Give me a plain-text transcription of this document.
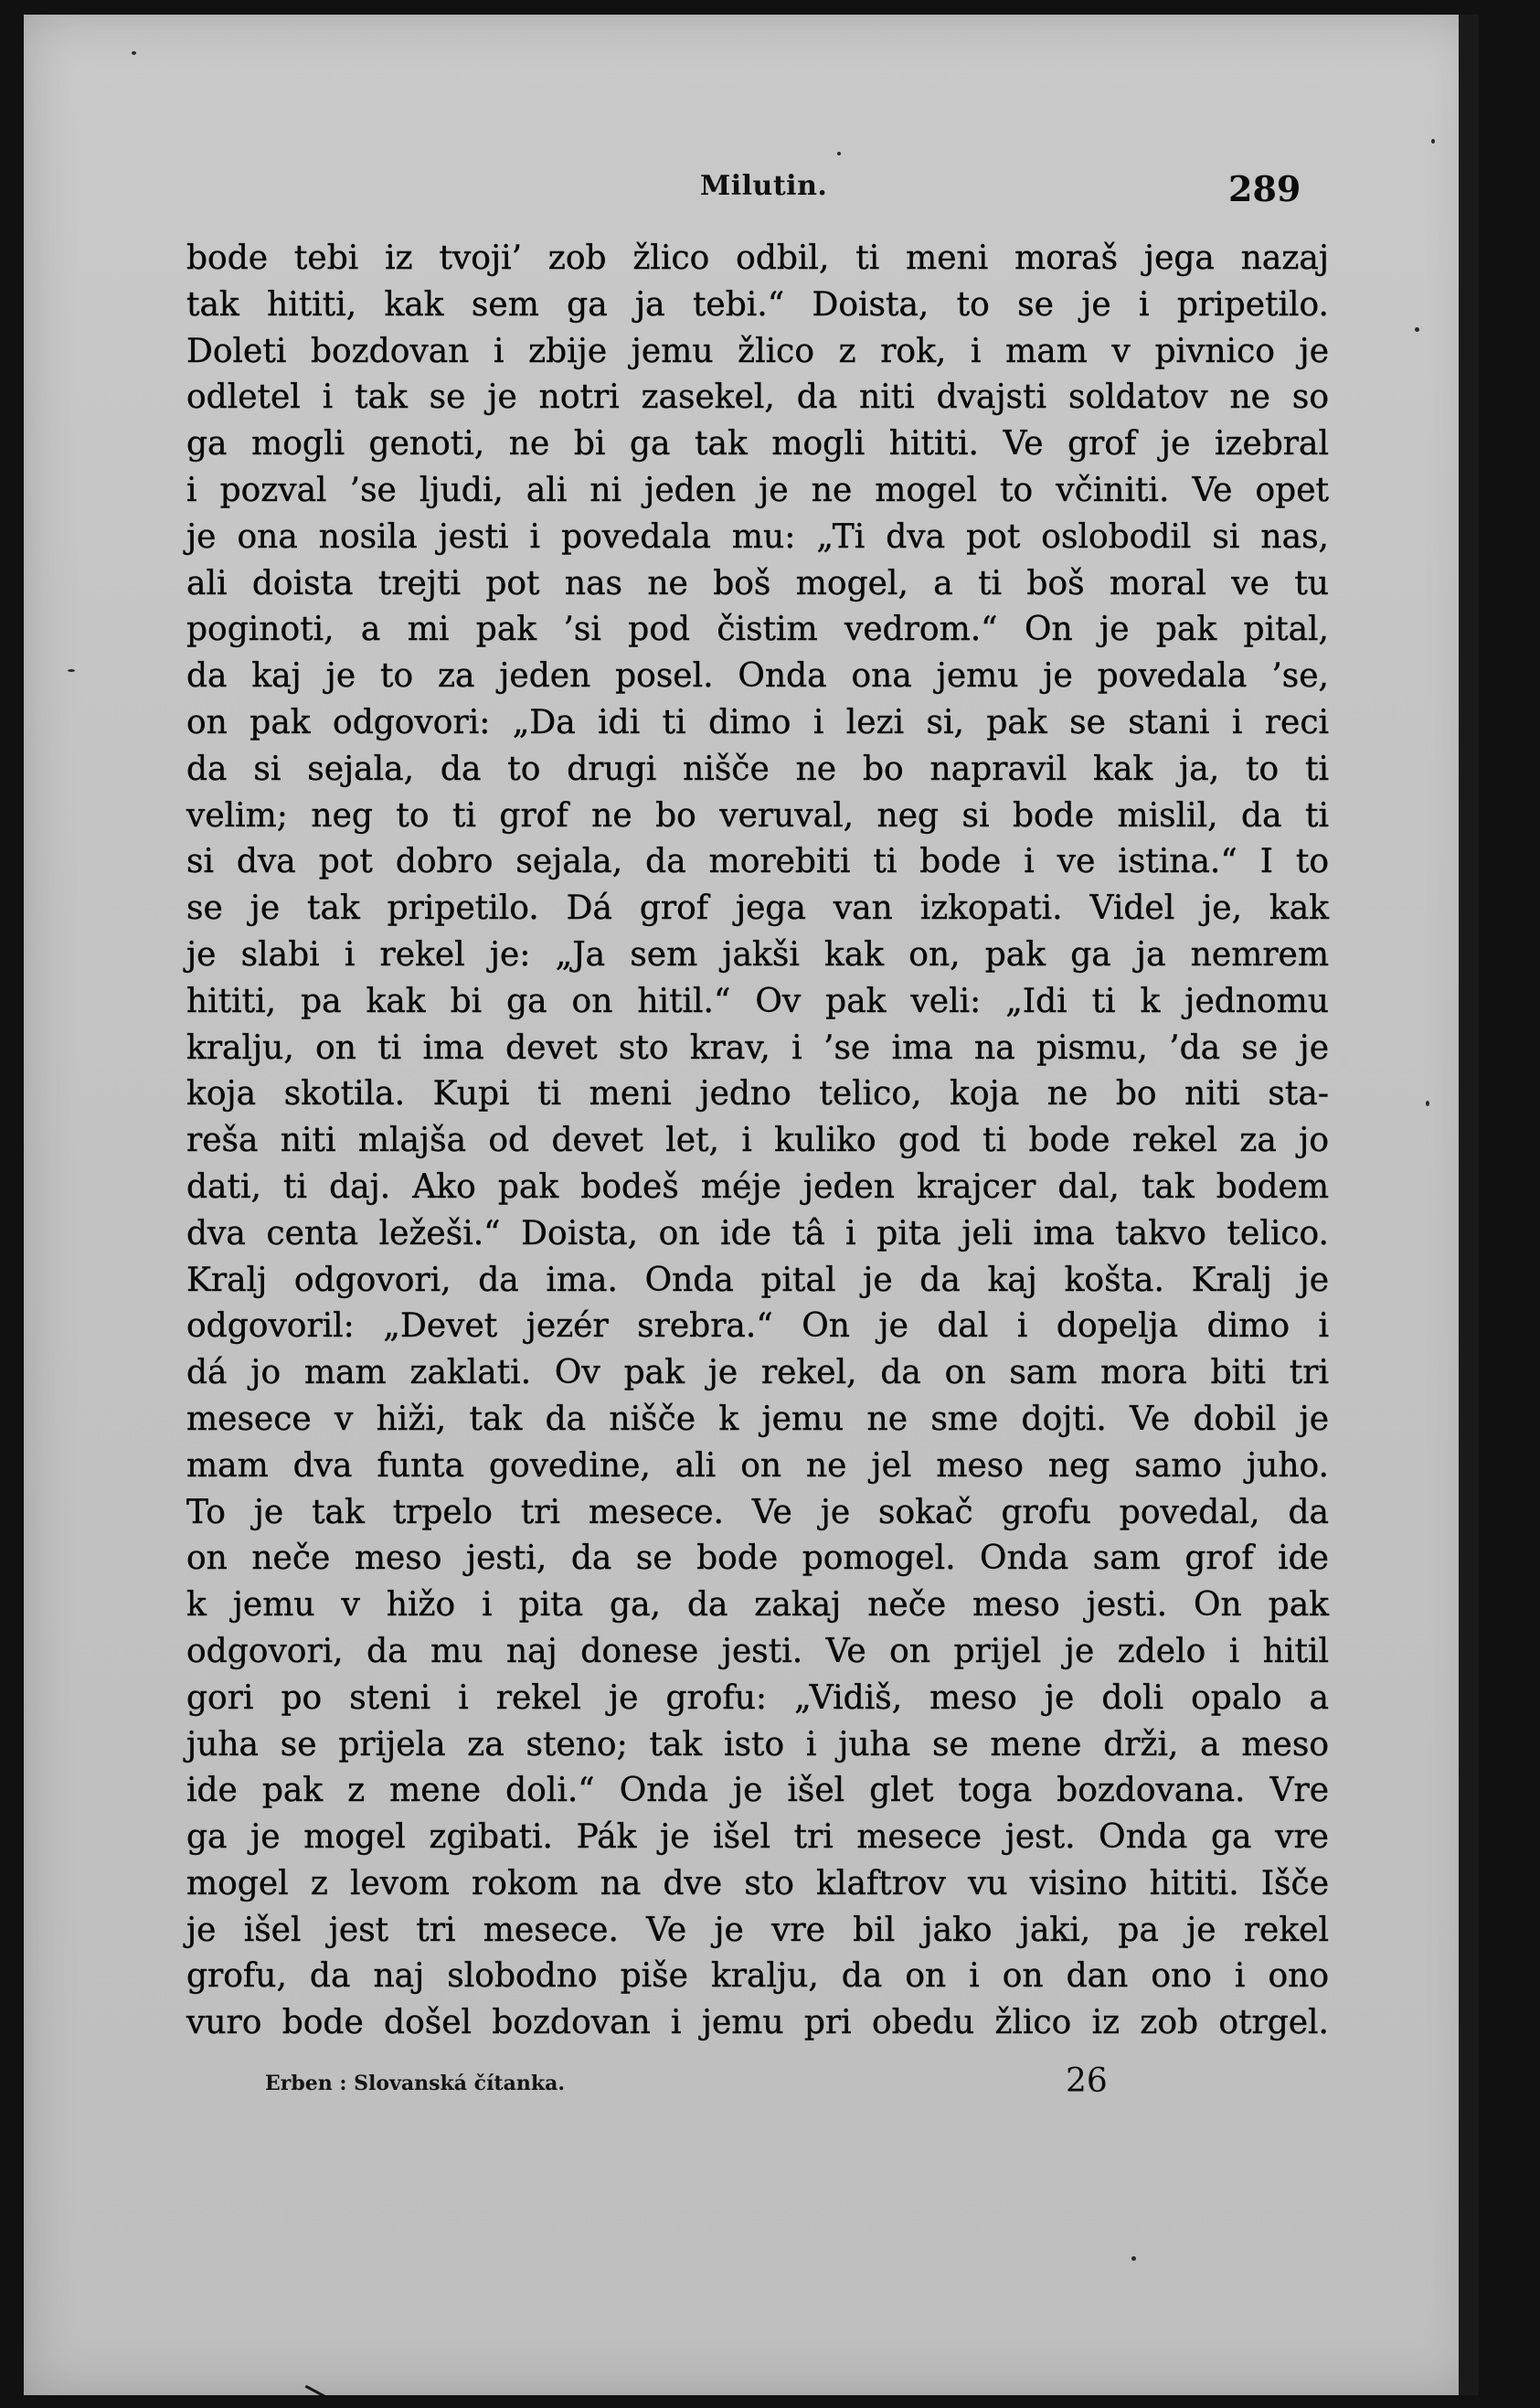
Milutin.	289
bode tebi iz tvoji’ zob žlico odbil, ti meni moraš jega nazaj
tak hititi, kak sem ga ja tebi.“ Doista, to se je i pripetilo.
Doleti bozdovan i zbije jemu žlico z rok, i mam v pivnico je
odletel i tak se je notri zasekel, da niti dvajsti soldatov ne so
ga mogli genoti, ne bi ga tak mogli hititi. Ve grof je izebral
i pozval ’se ljudi, ali ni jeden je ne mogel to včiniti. Ve opet
je ona nosila jesti i povedala mu: „Ti dva pot oslobodil si nas,
ali doista trejti pot nas ne boš mogel, a ti boš moral ve tu
poginoti, a mi pak ’si pod čistim vedrom.“ On je pak pital,
da kaj je to za jeden posel. Onda ona jemu je povedala ’se,
on pak odgovori: „Da idi ti dimo i lezi si, pak se stani i reci
da si sejala, da to drugi nišče ne bo napravil kak ja, to ti
velim; neg to ti grof ne bo veruval, neg si bode mislil, da ti
si dva pot dobro sejala, da morebiti ti bode i ve istina.“ I to
se je tak pripetilo. Dá grof jega van izkopati. Videl je, kak
je slabi i rekel je: „Ja sem jakši kak on, pak ga ja nemrem
hititi, pa kak bi ga on hitil.“ Ov pak veli: „Idi ti k jednomu
kralju, on ti ima devet sto krav, i ’se ima na pismu, ’da se je
koja skotila. Kupi ti meni jedno telico, koja ne bo niti sta-
reša niti mlajša od devet let, i kuliko god ti bode rekel za jo
dati, ti daj. Ako pak bodeš méje jeden krajcer dal, tak bodem
dva centa ležeši.“ Doista, on ide tâ i pita jeli ima takvo telico.
Kralj odgovori, da ima. Onda pital je da kaj košta. Kralj je
odgovoril: „Devet jezér srebra.“ On je dal i dopelja dimo i
dá jo mam zaklati. Ov pak je rekel, da on sam mora biti tri
mesece v hiži, tak da nišče k jemu ne sme dojti. Ve dobil je
mam dva funta govedine, ali on ne jel meso neg samo juho.
To je tak trpelo tri mesece. Ve je sokač grofu povedal, da
on neče meso jesti, da se bode pomogel. Onda sam grof ide
k jemu v hižo i pita ga, da zakaj neče meso jesti. On pak
odgovori, da mu naj donese jesti. Ve on prijel je zdelo i hitil
gori po steni i rekel je grofu: „Vidiš, meso je doli opalo a
juha se prijela za steno; tak isto i juha se mene drži, a meso
ide pak z mene doli.“ Onda je išel glet toga bozdovana. Vre
ga je mogel zgibati. Pák je išel tri mesece jest. Onda ga vre
mogel z levom rokom na dve sto klaftrov vu visino hititi. Išče
je išel jest tri mesece. Ve je vre bil jako jaki, pa je rekel
grofu, da naj slobodno piše kralju, da on i on dan ono i ono
vuro bode došel bozdovan i jemu pri obedu žlico iz zob otrgel.
Erben : Slovanská čítanka.	26
